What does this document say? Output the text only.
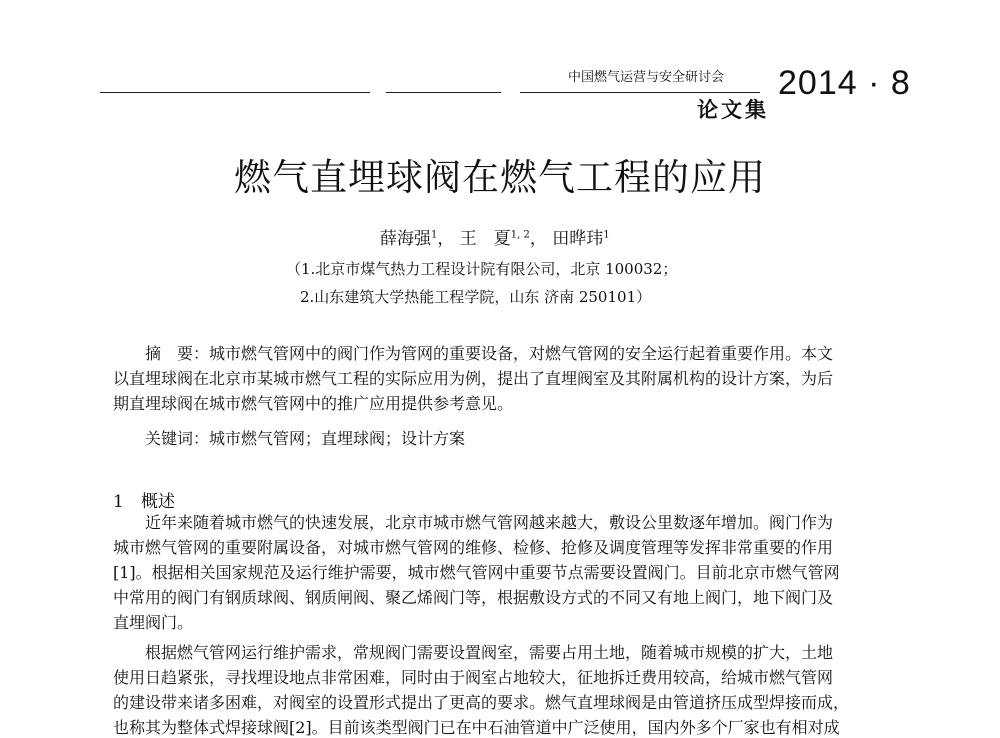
中国燃气运营与安全研讨会 2014 · 8
论文集
燃气直埋球阀在燃气工程的应用
薛海强$^1$， 王　夏$^{1, 2}$， 田晔玮$^1$
（1.北京市煤气热力工程设计院有限公司，北京 100032；
2.山东建筑大学热能工程学院，山东 济南 250101）
摘　要：城市燃气管网中的阀门作为管网的重要设备，对燃气管网的安全运行起着重要作用。本文
以直埋球阀在北京市某城市燃气工程的实际应用为例，提出了直埋阀室及其附属机构的设计方案，为后
期直埋球阀在城市燃气管网中的推广应用提供参考意见。
关键词：城市燃气管网；直埋球阀；设计方案
1 概述
近年来随着城市燃气的快速发展，北京市城市燃气管网越来越大，敷设公里数逐年增加。阀门作为
城市燃气管网的重要附属设备，对城市燃气管网的维修、检修、抢修及调度管理等发挥非常重要的作用
[1]。根据相关国家规范及运行维护需要，城市燃气管网中重要节点需要设置阀门。目前北京市燃气管网
中常用的阀门有钢质球阀、钢质闸阀、聚乙烯阀门等，根据敷设方式的不同又有地上阀门，地下阀门及
直埋阀门。
根据燃气管网运行维护需求，常规阀门需要设置阀室，需要占用土地，随着城市规模的扩大，土地
使用日趋紧张，寻找埋设地点非常困难，同时由于阀室占地较大，征地拆迁费用较高，给城市燃气管网
的建设带来诸多困难，对阀室的设置形式提出了更高的要求。燃气直埋球阀是由管道挤压成型焊接而成，
也称其为整体式焊接球阀[2]。目前该类型阀门已在中石油管道中广泛使用，国内外多个厂家也有相对成
